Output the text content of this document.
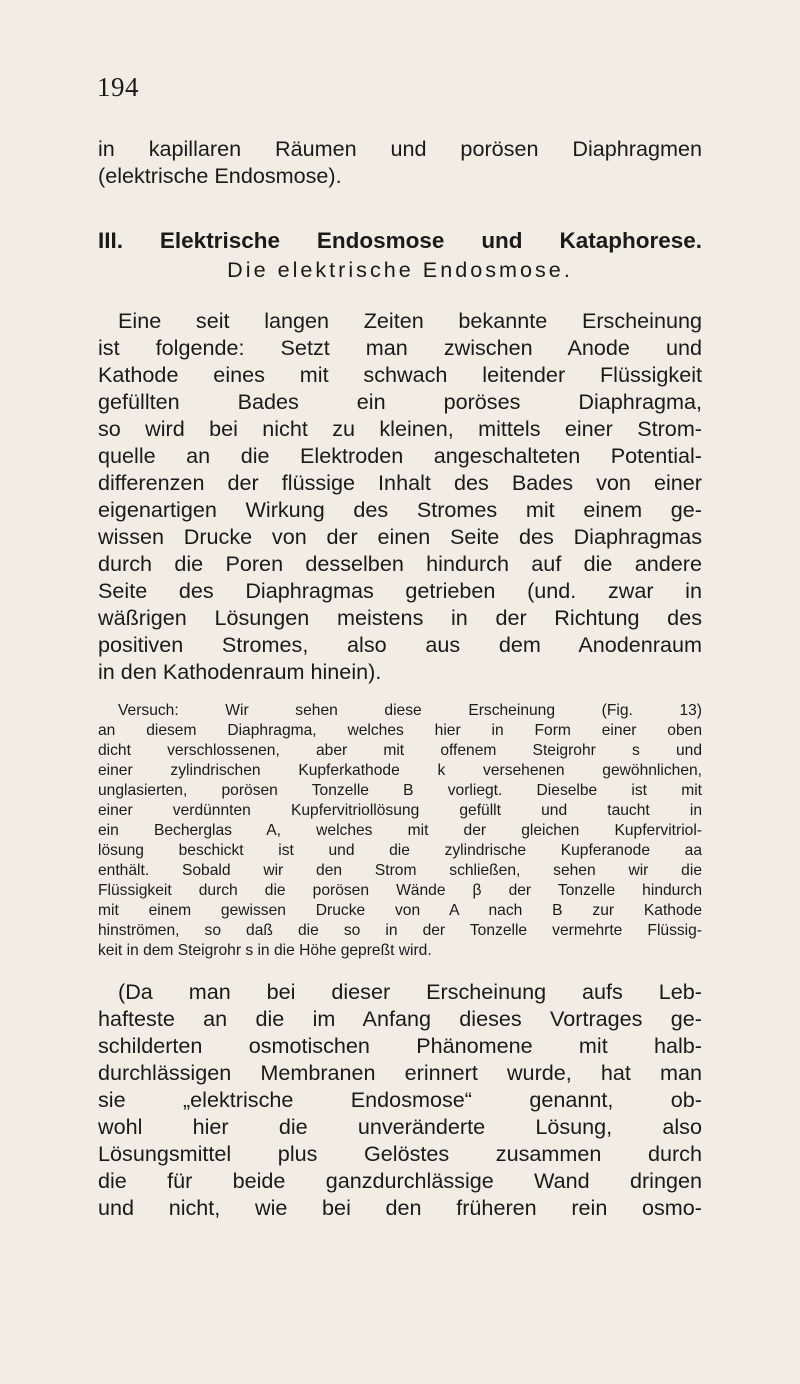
194
in kapillaren Räumen und porösen Diaphragmen
(elektrische Endosmose).
III. Elektrische Endosmose und Kataphorese.
Die elektrische Endosmose.
Eine seit langen Zeiten bekannte Erscheinung
ist folgende: Setzt man zwischen Anode und
Kathode eines mit schwach leitender Flüssigkeit
gefüllten Bades ein poröses Diaphragma,
so wird bei nicht zu kleinen, mittels einer Strom-
quelle an die Elektroden angeschalteten Potential-
differenzen der flüssige Inhalt des Bades von einer
eigenartigen Wirkung des Stromes mit einem ge-
wissen Drucke von der einen Seite des Diaphragmas
durch die Poren desselben hindurch auf die andere
Seite des Diaphragmas getrieben (und. zwar in
wäßrigen Lösungen meistens in der Richtung des
positiven Stromes, also aus dem Anodenraum
in den Kathodenraum hinein).
Versuch: Wir sehen diese Erscheinung (Fig. 13)
an diesem Diaphragma, welches hier in Form einer oben
dicht verschlossenen, aber mit offenem Steigrohr s und
einer zylindrischen Kupferkathode k versehenen gewöhnlichen,
unglasierten, porösen Tonzelle B vorliegt. Dieselbe ist mit
einer verdünnten Kupfervitriollösung gefüllt und taucht in
ein Becherglas A, welches mit der gleichen Kupfervitriol-
lösung beschickt ist und die zylindrische Kupferanode aa
enthält. Sobald wir den Strom schließen, sehen wir die
Flüssigkeit durch die porösen Wände β der Tonzelle hindurch
mit einem gewissen Drucke von A nach B zur Kathode
hinströmen, so daß die so in der Tonzelle vermehrte Flüssig-
keit in dem Steigrohr s in die Höhe gepreßt wird.
(Da man bei dieser Erscheinung aufs Leb-
hafteste an die im Anfang dieses Vortrages ge-
schilderten osmotischen Phänomene mit halb-
durchlässigen Membranen erinnert wurde, hat man
sie „elektrische Endosmose“ genannt, ob-
wohl hier die unveränderte Lösung, also
Lösungsmittel plus Gelöstes zusammen durch
die für beide ganzdurchlässige Wand dringen
und nicht, wie bei den früheren rein osmo-
